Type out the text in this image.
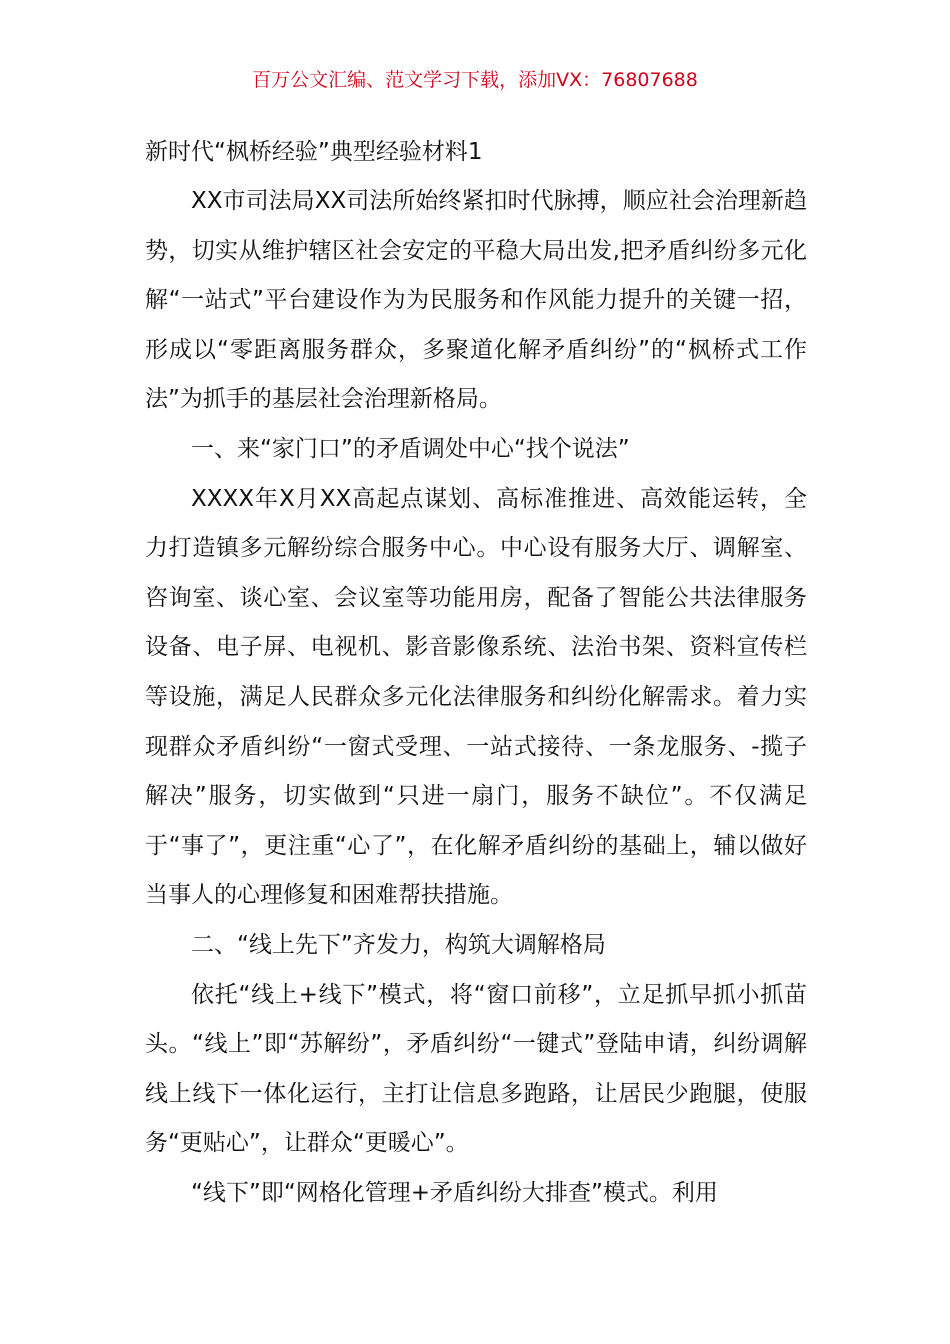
百万公文汇编、范文学习下载，添加VX：76807688
新时代“枫桥经验”典型经验材料1

XX市司法局XX司法所始终紧扣时代脉搏，顺应社会治理新趋势，切实从维护辖区社会安定的平稳大局出发,把矛盾纠纷多元化解“一站式”平台建设作为为民服务和作风能力提升的关键一招，形成以“零距离服务群众，多聚道化解矛盾纠纷”的“枫桥式工作法”为抓手的基层社会治理新格局。

一、来“家门口”的矛盾调处中心“找个说法”

XXXX年X月XX高起点谋划、高标准推进、高效能运转，全力打造镇多元解纷综合服务中心。中心设有服务大厅、调解室、咨询室、谈心室、会议室等功能用房，配备了智能公共法律服务设备、电子屏、电视机、影音影像系统、法治书架、资料宣传栏等设施，满足人民群众多元化法律服务和纠纷化解需求。着力实现群众矛盾纠纷“一窗式受理、一站式接待、一条龙服务、-揽子解决”服务，切实做到“只进一扇门，服务不缺位”。不仅满足于“事了”，更注重“心了”，在化解矛盾纠纷的基础上，辅以做好当事人的心理修复和困难帮扶措施。

二、“线上先下”齐发力，构筑大调解格局

依托“线上+线下”模式，将“窗口前移”，立足抓早抓小抓苗头。“线上”即“苏解纷”，矛盾纠纷“一键式”登陆申请，纠纷调解线上线下一体化运行，主打让信息多跑路，让居民少跑腿，使服务“更贴心”，让群众“更暖心”。

“线下”即“网格化管理+矛盾纠纷大排查”模式。利用
